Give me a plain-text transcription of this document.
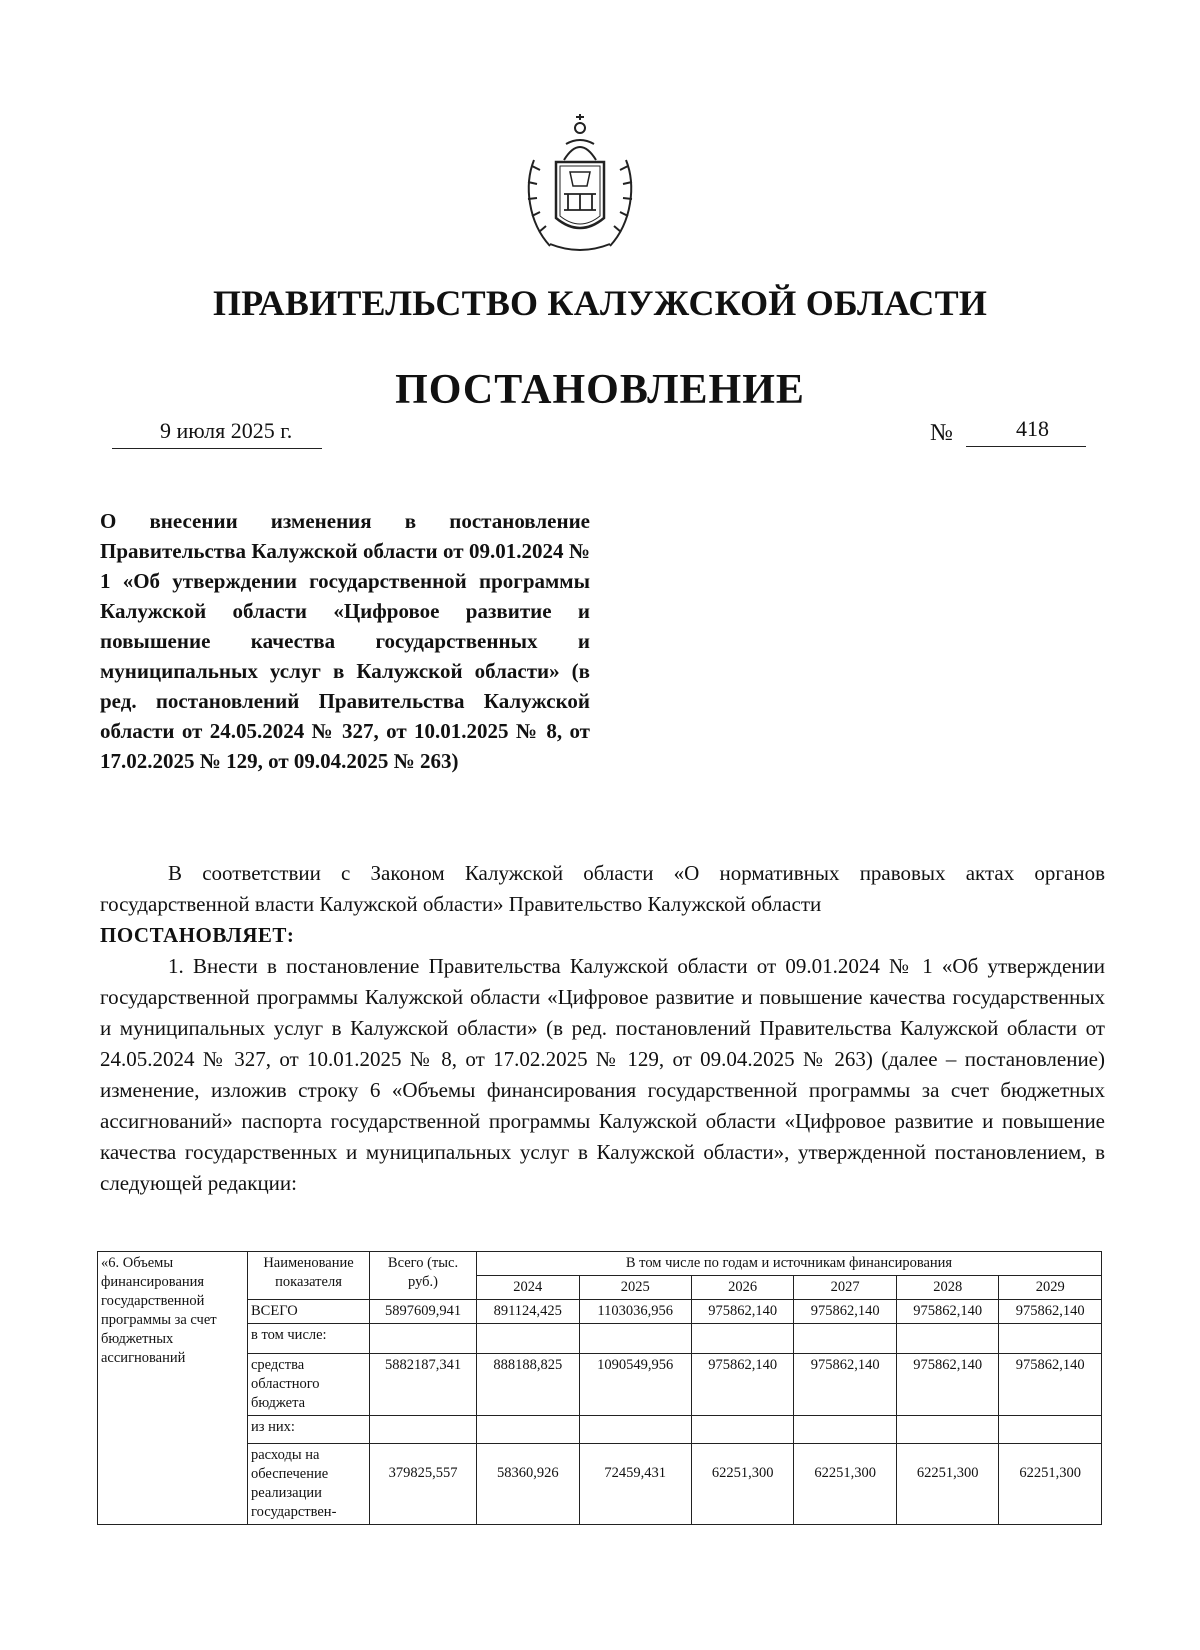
ПРАВИТЕЛЬСТВО КАЛУЖСКОЙ ОБЛАСТИ
ПОСТАНОВЛЕНИЕ
9 июля 2025 г.	№	418

О внесении изменения в постановление Правительства Калужской области от 09.01.2024 № 1 «Об утверждении государственной программы Калужской области «Цифровое развитие и повышение качества государственных и муниципальных услуг в Калужской области» (в ред. постановлений Правительства Калужской области от 24.05.2024 № 327, от 10.01.2025 № 8, от 17.02.2025 № 129, от 09.04.2025 № 263)

В соответствии с Законом Калужской области «О нормативных правовых актах органов государственной власти Калужской области» Правительство Калужской области

ПОСТАНОВЛЯЕТ:

1. Внести в постановление Правительства Калужской области от 09.01.2024 № 1 «Об утверждении государственной программы Калужской области «Цифровое развитие и повышение качества государственных и муниципальных услуг в Калужской области» (в ред. постановлений Правительства Калужской области от 24.05.2024 № 327, от 10.01.2025 № 8, от 17.02.2025 № 129, от 09.04.2025 № 263) (далее – постановление) изменение, изложив строку 6 «Объемы финансирования государственной программы за счет бюджетных ассигнований» паспорта государственной программы Калужской области «Цифровое развитие и повышение качества государственных и муниципальных услуг в Калужской области», утвержденной постановлением, в следующей редакции:

«6. Объемы финансирования государственной программы за счет бюджетных ассигнований	Наименование показателя	Всего (тыс. руб.)	В том числе по годам и источникам финансирования					
			2024	2025	2026	2027	2028	2029
	ВСЕГО	5897609,941	891124,425	1103036,956	975862,140	975862,140	975862,140	975862,140
	в том числе:							
	средства областного бюджета	5882187,341	888188,825	1090549,956	975862,140	975862,140	975862,140	975862,140
	из них:							
	расходы на обеспечение реализации государствен-	379825,557	58360,926	72459,431	62251,300	62251,300	62251,300	62251,300
